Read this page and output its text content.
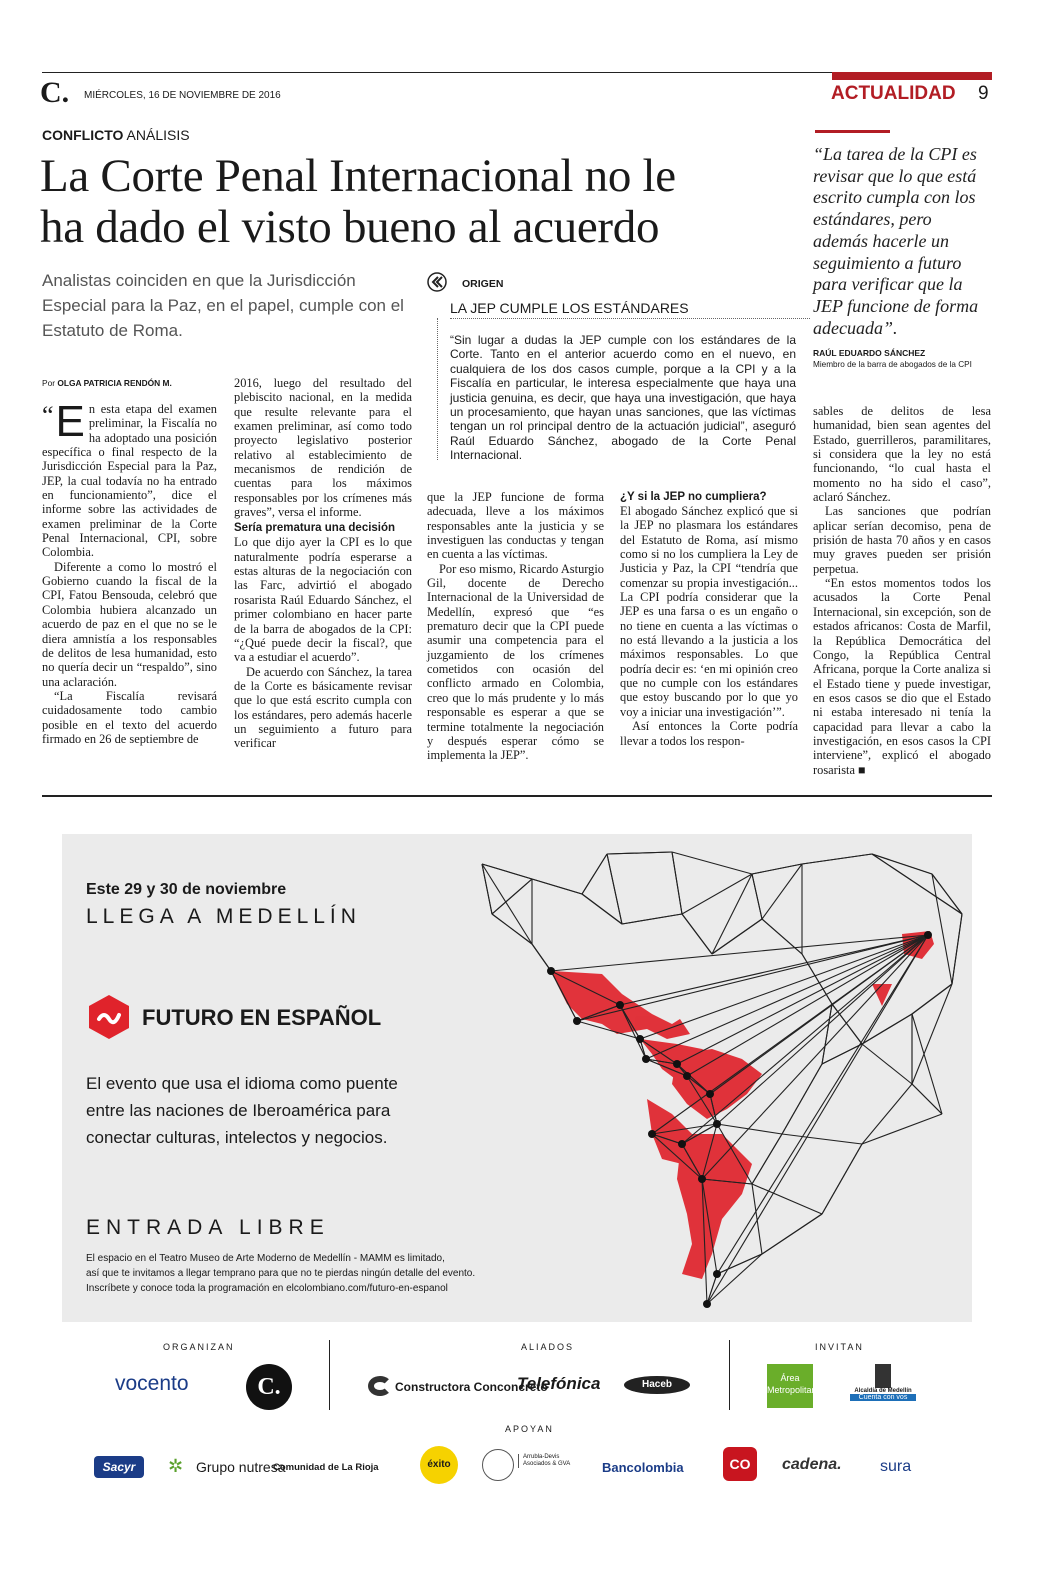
C. MIÉRCOLES, 16 DE NOVIEMBRE DE 2016	ACTUALIDAD 9
CONFLICTO ANÁLISIS
La Corte Penal Internacional no le
ha dado el visto bueno al acuerdo
Analistas coinciden en que la Jurisdicción Especial para la Paz, en el papel, cumple con el Estatuto de Roma.
“La tarea de la CPI es revisar que lo que está escrito cumpla con los estándares, pero además hacerle un seguimiento a futuro para verificar que la JEP funcione de forma adecuada”.
RAÚL EDUARDO SÁNCHEZ
Miembro de la barra de abogados de la CPI
ORIGEN
LA JEP CUMPLE LOS ESTÁNDARES
“Sin lugar a dudas la JEP cumple con los estándares de la Corte. Tanto en el anterior acuerdo como en el nuevo, en cualquiera de los dos casos cumple, porque a la CPI y a la Fiscalía en particular, le interesa especialmente que haya una justicia genuina, es decir, que haya una investigación, que haya un procesamiento, que hayan unas sanciones, que las víctimas tengan un rol principal dentro de la actuación judicial”, aseguró Raúl Eduardo Sánchez, abogado de la Corte Penal Internacional.
Por OLGA PATRICIA RENDÓN M.

“ E n esta etapa del examen preliminar, la Fiscalía no ha adoptado una posición específica o final respecto de la Jurisdicción Especial para la Paz, JEP, la cual todavía no ha entrado en funcionamiento”, dice el informe sobre las actividades de examen preliminar de la Corte Penal Internacional, CPI, sobre Colombia.

Diferente a como lo mostró el Gobierno cuando la fiscal de la CPI, Fatou Bensouda, celebró que Colombia hubiera alcanzado un acuerdo de paz en el que no se le diera amnistía a los responsables de delitos de lesa humanidad, esto no quería decir un “respaldo”, sino una aclaración.

“La Fiscalía revisará cuidadosamente todo cambio posible en el texto del acuerdo firmado en 26 de septiembre de

2016, luego del resultado del plebiscito nacional, en la medida que resulte relevante para el examen preliminar, así como todo proyecto legislativo posterior relativo al establecimiento de mecanismos de rendición de cuentas para los máximos responsables por los crímenes más graves”, versa el informe.

Sería prematura una decisión

Lo que dijo ayer la CPI es lo que naturalmente podría esperarse a estas alturas de la negociación con las Farc, advirtió el abogado rosarista Raúl Eduardo Sánchez, el primer colombiano en hacer parte de la barra de abogados de la CPI: “¿Qué puede decir la fiscal?, que va a estudiar el acuerdo”.

De acuerdo con Sánchez, la tarea de la Corte es básicamente revisar que lo que está escrito cumpla con los estándares, pero además hacerle un seguimiento a futuro para verificar

que la JEP funcione de forma adecuada, lleve a los máximos responsables ante la justicia y se investiguen las conductas y tengan en cuenta a las víctimas.

Por eso mismo, Ricardo Asturgio Gil, docente de Derecho Internacional de la Universidad de Medellín, expresó que “es prematuro decir que la CPI puede asumir una competencia para el juzgamiento de los crímenes cometidos con ocasión del conflicto armado en Colombia, creo que lo más prudente y lo más responsable es esperar a que se termine totalmente la negociación y después esperar cómo se implementa la JEP”.

¿Y si la JEP no cumpliera?

El abogado Sánchez explicó que si la JEP no plasmara los estándares del Estatuto de Roma, así mismo como si no los cumpliera la Ley de Justicia y Paz, la CPI “tendría que comenzar su propia investigación... La CPI podría considerar que la JEP es una farsa o es un engaño o no tiene en cuenta a las víctimas o no está llevando a la justicia a los máximos responsables. Lo que podría decir es: ‘en mi opinión creo que no cumple con los estándares que estoy buscando por lo que yo voy a iniciar una investigación’”.

Así entonces la Corte podría llevar a todos los respon-

sables de delitos de lesa humanidad, bien sean agentes del Estado, guerrilleros, paramilitares, si considera que la ley no está funcionando, “lo cual hasta el momento no ha sido el caso”, aclaró Sánchez.

Las sanciones que podrían aplicar serían decomiso, pena de prisión de hasta 70 años y en casos muy graves pueden ser prisión perpetua.

“En estos momentos todos los acusados la Corte Penal Internacional, sin excepción, son de estados africanos: Costa de Marfil, la República Democrática del Congo, la República Central Africana, porque la Corte analiza si el Estado tiene y puede investigar, en esos casos se dio que el Estado ni estaba interesado ni tenía la capacidad para llevar a cabo la investigación, en esos casos la CPI interviene”, explicó el abogado rosarista ■

Este 29 y 30 de noviembre
LLEGA A MEDELLÍN
FUTURO EN ESPAÑOL
El evento que usa el idioma como puente
entre las naciones de Iberoamérica para
conectar culturas, intelectos y negocios.
ENTRADA LIBRE
El espacio en el Teatro Museo de Arte Moderno de Medellín - MAMM es limitado,
así que te invitamos a llegar temprano para que no te pierdas ningún detalle del evento.
Inscríbete y conoce toda la programación en elcolombiano.com/futuro-en-espanol
ORGANIZAN	ALIADOS	INVITAN
APOYAN
vocento	C.	Constructora Conconcreto
Telefónica	Haceb
Área Metropolitana	Alcaldía de Medellín
Cuenta con vos
Sacyr	✲ Grupo nutresa
Comunidad de La Rioja	éxito
Arrubla-Devis Asociados & GVA	Bancolombia	CO Colombia
cadena. sura
